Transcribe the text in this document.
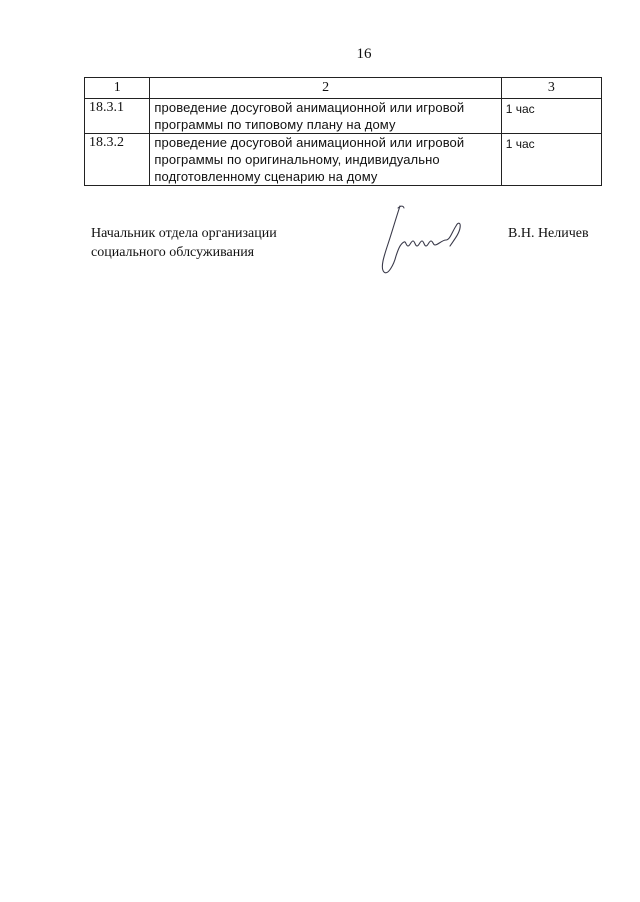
16
1	2	3
18.3.1	проведение досуговой анимационной или игровой программы по типовому плану на дому	1 час
18.3.2	проведение досуговой анимационной или игровой программы по оригинальному, индивидуально подготовленному сценарию на дому	1 час
Начальник отдела организации
социального облсуживания
В.Н. Неличев
